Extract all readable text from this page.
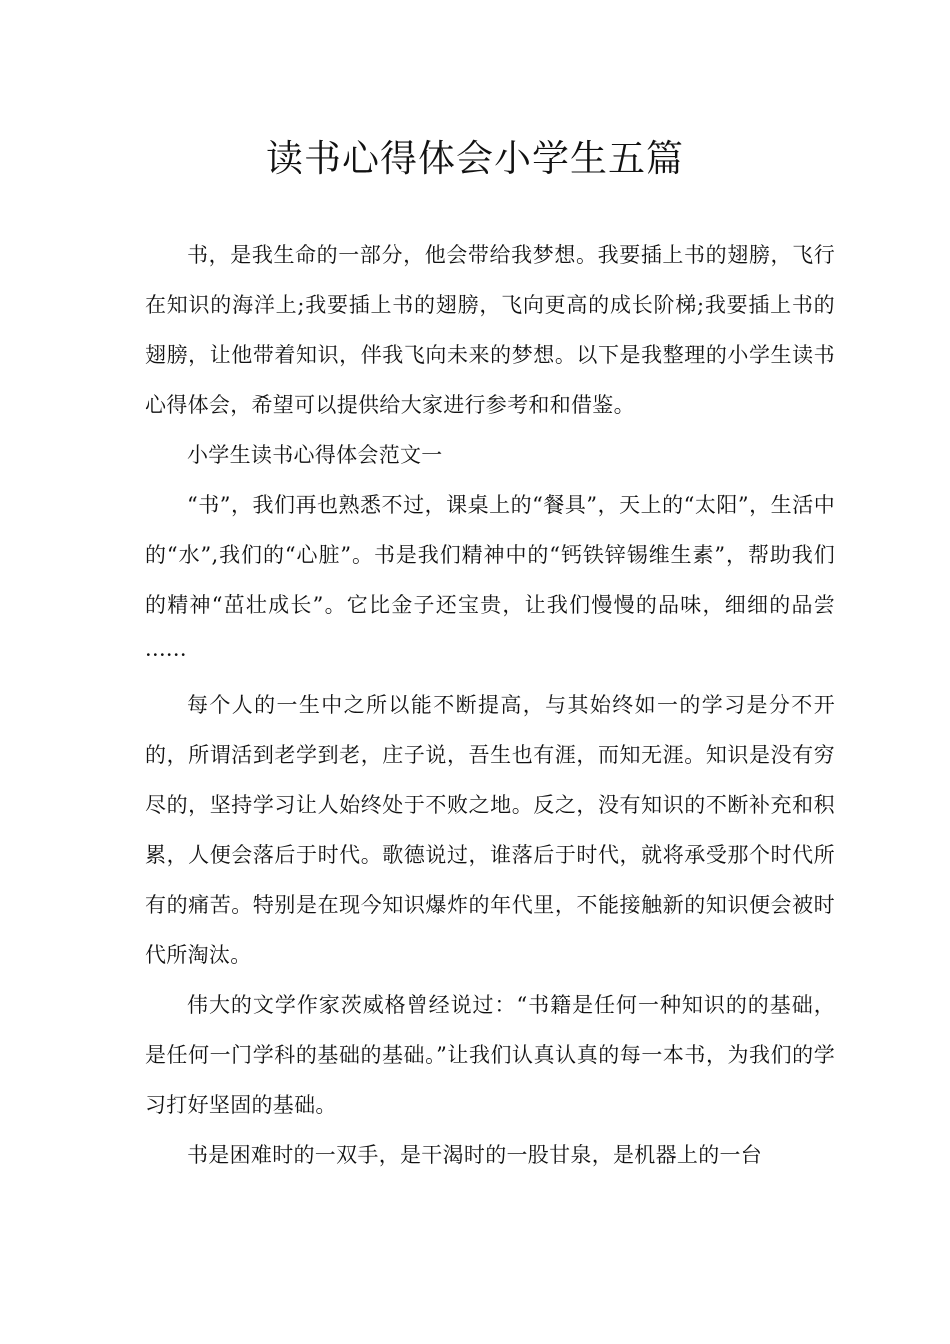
读书心得体会小学生五篇

书，是我生命的一部分，他会带给我梦想。我要插上书的翅膀，飞行在知识的海洋上;我要插上书的翅膀，飞向更高的成长阶梯;我要插上书的翅膀，让他带着知识，伴我飞向未来的梦想。以下是我整理的小学生读书心得体会，希望可以提供给大家进行参考和和借鉴。

小学生读书心得体会范文一

“书”，我们再也熟悉不过，课桌上的“餐具”，天上的“太阳”，生活中的“水”,我们的“心脏”。书是我们精神中的“钙铁锌锡维生素”，帮助我们的精神“茁壮成长”。它比金子还宝贵，让我们慢慢的品味，细细的品尝······

每个人的一生中之所以能不断提高，与其始终如一的学习是分不开的，所谓活到老学到老，庄子说，吾生也有涯，而知无涯。知识是没有穷尽的，坚持学习让人始终处于不败之地。反之，没有知识的不断补充和积累，人便会落后于时代。歌德说过，谁落后于时代，就将承受那个时代所有的痛苦。特别是在现今知识爆炸的年代里，不能接触新的知识便会被时代所淘汰。

伟大的文学作家茨威格曾经说过：“书籍是任何一种知识的的基础，是任何一门学科的基础的基础。”让我们认真认真的每一本书，为我们的学习打好坚固的基础。

书是困难时的一双手，是干渴时的一股甘泉，是机器上的一台
